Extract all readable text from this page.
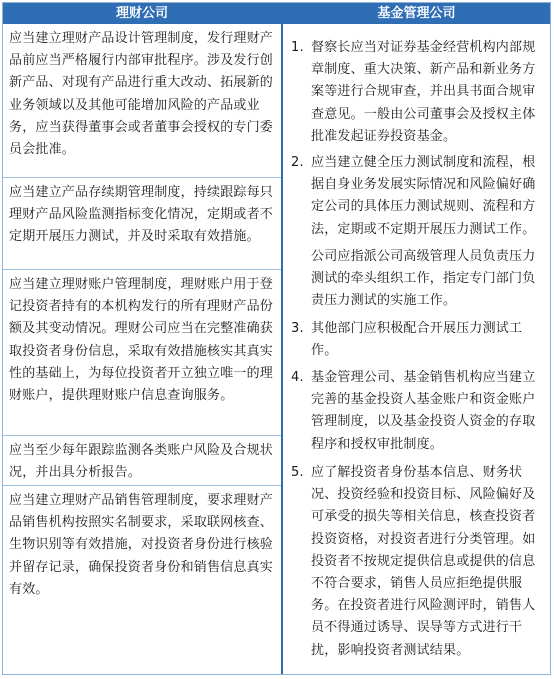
理财公司	基金管理公司
应当建立理财产品设计管理制度，发行理财产品前应当严格履行内部审批程序。涉及发行创新产品、对现有产品进行重大改动、拓展新的业务领域以及其他可能增加风险的产品或业务，应当获得董事会或者董事会授权的专门委员会批准。
应当建立产品存续期管理制度，持续跟踪每只理财产品风险监测指标变化情况，定期或者不定期开展压力测试，并及时采取有效措施。
应当建立理财账户管理制度，理财账户用于登记投资者持有的本机构发行的所有理财产品份额及其变动情况。理财公司应当在完整准确获取投资者身份信息，采取有效措施核实其真实性的基础上，为每位投资者开立独立唯一的理财账户，提供理财账户信息查询服务。
应当至少每年跟踪监测各类账户风险及合规状况，并出具分析报告。
应当建立理财产品销售管理制度，要求理财产品销售机构按照实名制要求，采取联网核查、生物识别等有效措施，对投资者身份进行核验并留存记录，确保投资者身份和销售信息真实有效。
1. 督察长应当对证券基金经营机构内部规章制度、重大决策、新产品和新业务方案等进行合规审查，并出具书面合规审查意见。一般由公司董事会及授权主体批准发起证券投资基金。
2. 应当建立健全压力测试制度和流程，根据自身业务发展实际情况和风险偏好确定公司的具体压力测试规则、流程和方法，定期或不定期开展压力测试工作。
公司应指派公司高级管理人员负责压力测试的牵头组织工作，指定专门部门负责压力测试的实施工作。
3. 其他部门应积极配合开展压力测试工作。
4. 基金管理公司、基金销售机构应当建立完善的基金投资人基金账户和资金账户管理制度，以及基金投资人资金的存取程序和授权审批制度。
5. 应了解投资者身份基本信息、财务状况、投资经验和投资目标、风险偏好及可承受的损失等相关信息，核查投资者投资资格，对投资者进行分类管理。如投资者不按规定提供信息或提供的信息不符合要求，销售人员应拒绝提供服务。在投资者进行风险测评时，销售人员不得通过诱导、误导等方式进行干扰，影响投资者测试结果。
